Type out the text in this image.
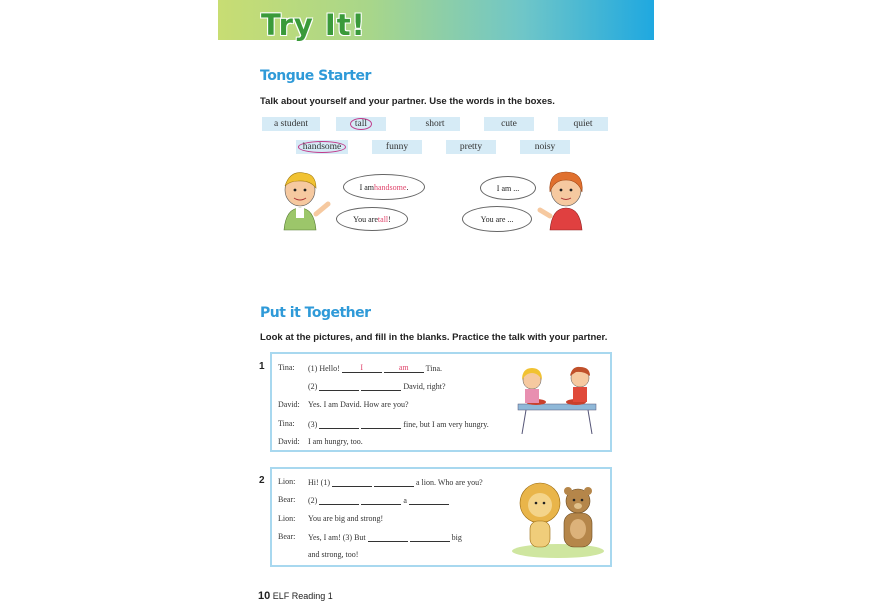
Try It!
Tongue Starter
Talk about yourself and your partner. Use the words in the boxes.
a student	tall	short	cute	quiet
handsome	funny	pretty	noisy
I am handsome .
You are tall !
I am ...
You are ...
Put it Together
Look at the pictures, and fill in the blanks. Practice the talk with your partner.
1 Tina: (1) Hello!	I	am Tina.
(2)	David, right?
David: Yes. I am David. How are you?
Tina: (3)	fine, but I am very hungry.
David: I am hungry, too.
2 Lion: Hi! (1)	a lion. Who are you?
Bear: (2)	a
Lion: You are big and strong!
Bear: Yes, I am! (3) But	big
and strong, too!
10 ELF Reading 1
